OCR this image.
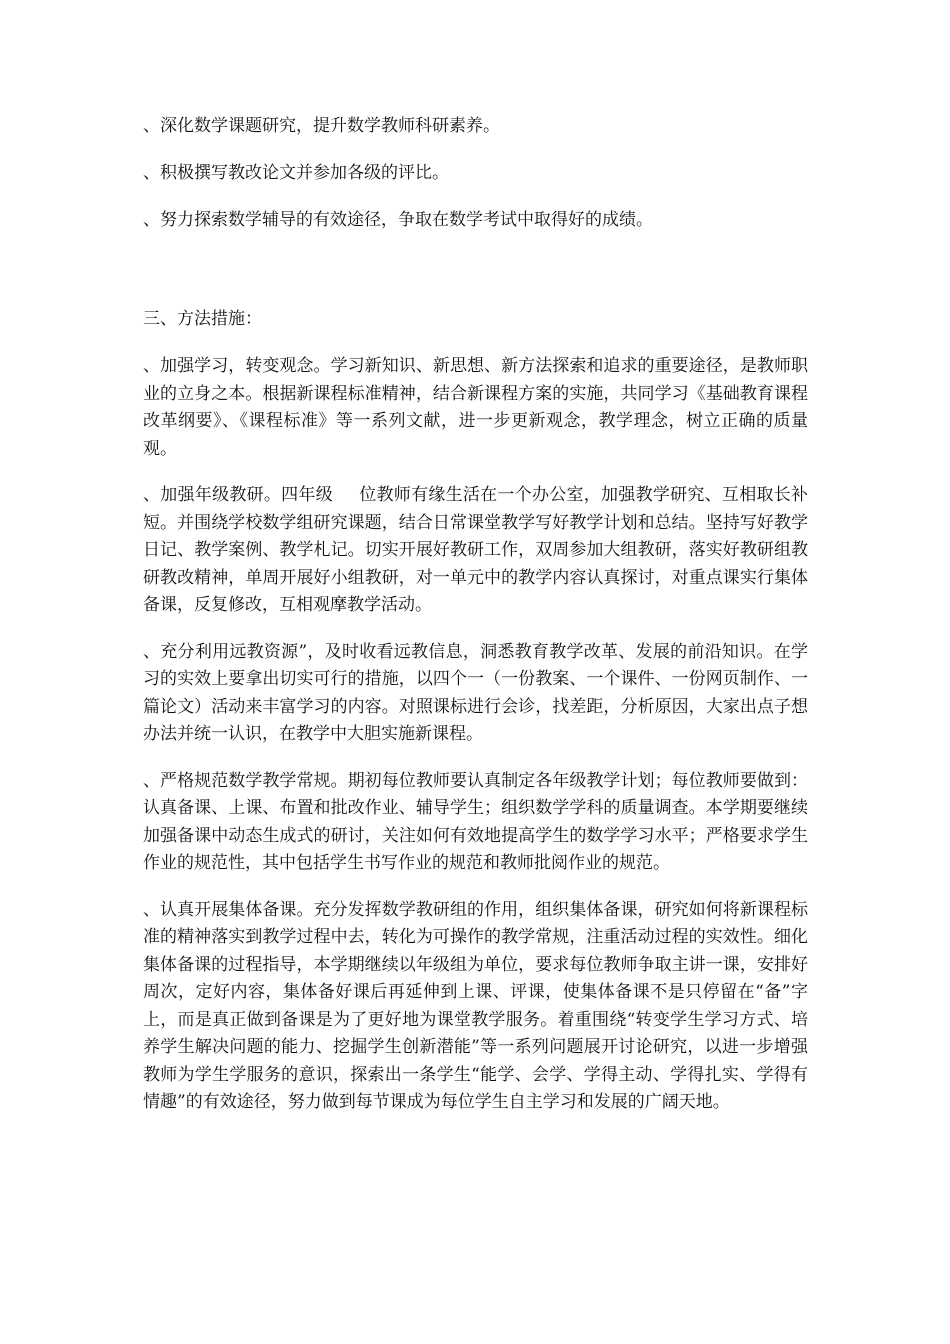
、深化数学课题研究，提升数学教师科研素养。

、积极撰写教改论文并参加各级的评比。

、努力探索数学辅导的有效途径，争取在数学考试中取得好的成绩。

三、方法措施：

、加强学习，转变观念。学习新知识、新思想、新方法探索和追求的重要途径，是教师职业的立身之本。根据新课程标准精神，结合新课程方案的实施，共同学习《基础教育课程改革纲要》、《课程标准》等一系列文献，进一步更新观念，教学理念，树立正确的质量观。

、加强年级教研。四年级 位教师有缘生活在一个办公室，加强教学研究、互相取长补短。并围绕学校数学组研究课题，结合日常课堂教学写好教学计划和总结。坚持写好教学日记、教学案例、教学札记。切实开展好教研工作，双周参加大组教研，落实好教研组教研教改精神，单周开展好小组教研，对一单元中的教学内容认真探讨，对重点课实行集体备课，反复修改，互相观摩教学活动。

、充分利用远教资源”，及时收看远教信息，洞悉教育教学改革、发展的前沿知识。在学习的实效上要拿出切实可行的措施，以四个一（一份教案、一个课件、一份网页制作、一篇论文）活动来丰富学习的内容。对照课标进行会诊，找差距，分析原因，大家出点子想办法并统一认识，在教学中大胆实施新课程。

、严格规范数学教学常规。期初每位教师要认真制定各年级教学计划；每位教师要做到：认真备课、上课、布置和批改作业、辅导学生；组织数学学科的质量调查。本学期要继续加强备课中动态生成式的研讨，关注如何有效地提高学生的数学学习水平；严格要求学生作业的规范性，其中包括学生书写作业的规范和教师批阅作业的规范。

、认真开展集体备课。充分发挥数学教研组的作用，组织集体备课，研究如何将新课程标准的精神落实到教学过程中去，转化为可操作的教学常规，注重活动过程的实效性。细化集体备课的过程指导，本学期继续以年级组为单位，要求每位教师争取主讲一课，安排好周次，定好内容，集体备好课后再延伸到上课、评课，使集体备课不是只停留在“备”字上，而是真正做到备课是为了更好地为课堂教学服务。着重围绕“转变学生学习方式、培养学生解决问题的能力、挖掘学生创新潜能”等一系列问题展开讨论研究，以进一步增强教师为学生学服务的意识，探索出一条学生“能学、会学、学得主动、学得扎实、学得有情趣”的有效途径，努力做到每节课成为每位学生自主学习和发展的广阔天地。
